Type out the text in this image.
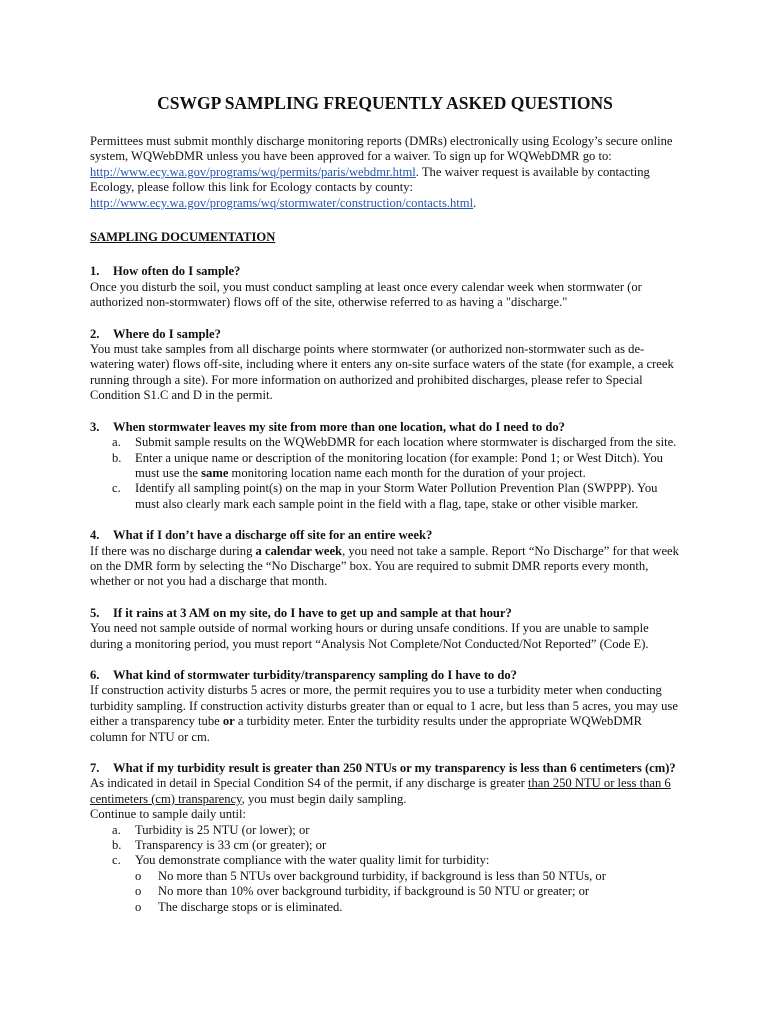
CSWGP SAMPLING FREQUENTLY ASKED QUESTIONS

Permittees must submit monthly discharge monitoring reports (DMRs) electronically using Ecology’s secure online system, WQWebDMR unless you have been approved for a waiver. To sign up for WQWebDMR go to: http://www.ecy.wa.gov/programs/wq/permits/paris/webdmr.html. The waiver request is available by contacting Ecology, please follow this link for Ecology contacts by county: http://www.ecy.wa.gov/programs/wq/stormwater/construction/contacts.html.

SAMPLING DOCUMENTATION
1.	How often do I sample?

Once you disturb the soil, you must conduct sampling at least once every calendar week when stormwater (or authorized non-stormwater) flows off of the site, otherwise referred to as having a "discharge."

2.	Where do I sample?

You must take samples from all discharge points where stormwater (or authorized non-stormwater such as de-watering water) flows off-site, including where it enters any on-site surface waters of the state (for example, a creek running through a site). For more information on authorized and prohibited discharges, please refer to Special Condition S1.C and D in the permit.

3.	When stormwater leaves my site from more than one location, what do I need to do?
a.	Submit sample results on the WQWebDMR for each location where stormwater is discharged from the site.
b.	Enter a unique name or description of the monitoring location (for example: Pond 1; or West Ditch). You must use the same monitoring location name each month for the duration of your project.
c.	Identify all sampling point(s) on the map in your Storm Water Pollution Prevention Plan (SWPPP). You must also clearly mark each sample point in the field with a flag, tape, stake or other visible marker.
4.	What if I don’t have a discharge off site for an entire week?

If there was no discharge during a calendar week, you need not take a sample. Report “No Discharge” for that week on the DMR form by selecting the “No Discharge” box. You are required to submit DMR reports every month, whether or not you had a discharge that month.

5.	If it rains at 3 AM on my site, do I have to get up and sample at that hour?

You need not sample outside of normal working hours or during unsafe conditions. If you are unable to sample during a monitoring period, you must report “Analysis Not Complete/Not Conducted/Not Reported” (Code E).

6.	What kind of stormwater turbidity/transparency sampling do I have to do?

If construction activity disturbs 5 acres or more, the permit requires you to use a turbidity meter when conducting turbidity sampling. If construction activity disturbs greater than or equal to 1 acre, but less than 5 acres, you may use either a transparency tube or a turbidity meter. Enter the turbidity results under the appropriate WQWebDMR column for NTU or cm.

7.	What if my turbidity result is greater than 250 NTUs or my transparency is less than 6 centimeters (cm)?

As indicated in detail in Special Condition S4 of the permit, if any discharge is greater than 250 NTU or less than 6 centimeters (cm) transparency, you must begin daily sampling.

Continue to sample daily until:

a.	Turbidity is 25 NTU (or lower); or
b.	Transparency is 33 cm (or greater); or
c.	You demonstrate compliance with the water quality limit for turbidity:
o	No more than 5 NTUs over background turbidity, if background is less than 50 NTUs, or
o	No more than 10% over background turbidity, if background is 50 NTU or greater; or
o	The discharge stops or is eliminated.
